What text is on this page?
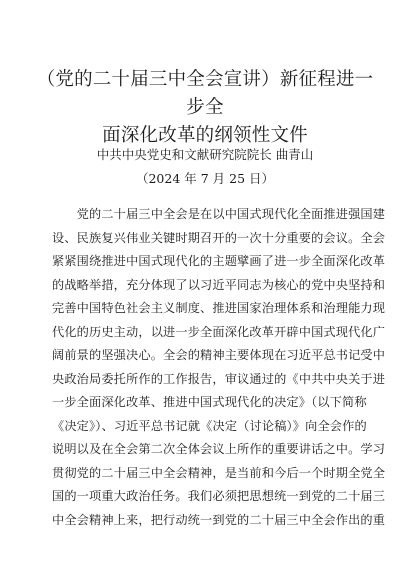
（党的二十届三中全会宣讲）新征程进一步全
面深化改革的纲领性文件

中共中央党史和文献研究院院长 曲青山

（2024 年 7 月 25 日）

　　党的二十届三中全会是在以中国式现代化全面推进强国建
设、民族复兴伟业关键时期召开的一次十分重要的会议。全会
紧紧围绕推进中国式现代化的主题擘画了进一步全面深化改革
的战略举措，充分体现了以习近平同志为核心的党中央坚持和
完善中国特色社会主义制度、推进国家治理体系和治理能力现
代化的历史主动，以进一步全面深化改革开辟中国式现代化广
阔前景的坚强决心。全会的精神主要体现在习近平总书记受中
央政治局委托所作的工作报告，审议通过的《中共中央关于进
一步全面深化改革、推进中国式现代化的决定》（以下简称
《决定》）、习近平总书记就《决定（讨论稿）》向全会作的
说明以及在全会第二次全体会议上所作的重要讲话之中。学习
贯彻党的二十届三中全会精神，是当前和今后一个时期全党全
国的一项重大政治任务。我们必须把思想统一到党的二十届三
中全会精神上来，把行动统一到党的二十届三中全会作出的重
